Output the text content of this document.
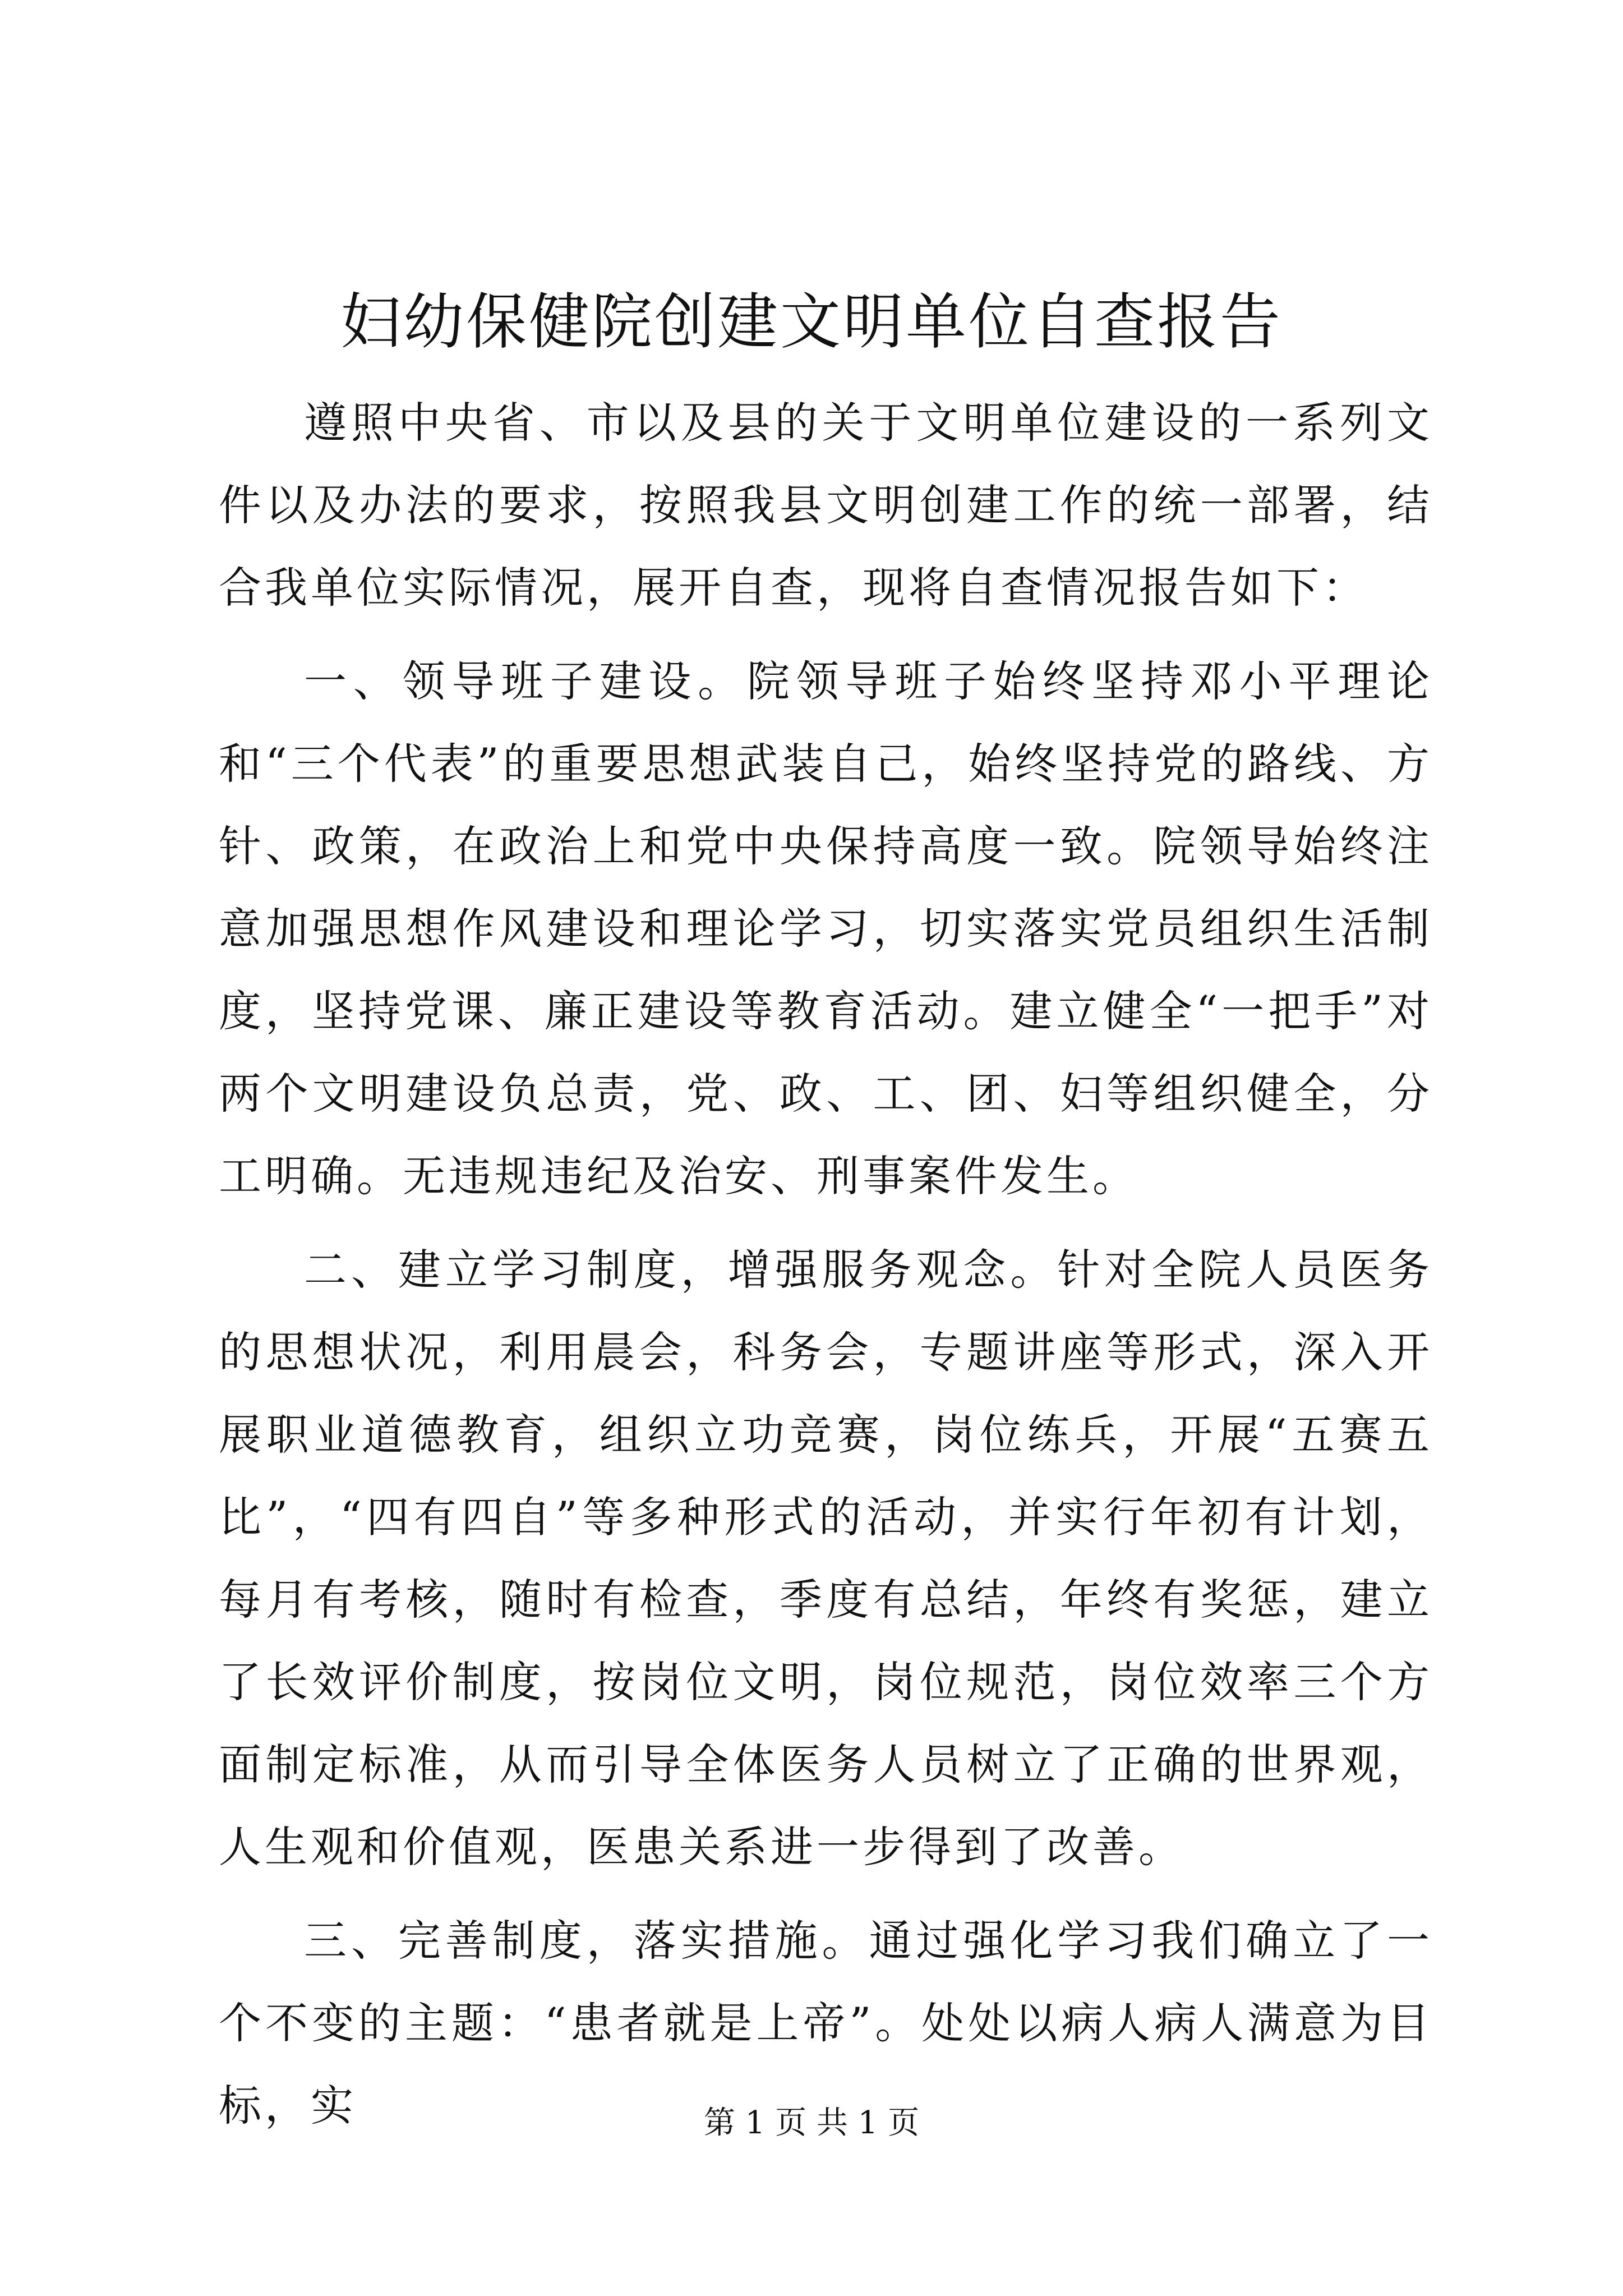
妇幼保健院创建文明单位自查报告

遵照中央省、市以及县的关于文明单位建设的一系列文件以及办法的要求，按照我县文明创建工作的统一部署，结合我单位实际情况，展开自查，现将自查情况报告如下：

一、领导班子建设。院领导班子始终坚持邓小平理论和“三个代表”的重要思想武装自己，始终坚持党的路线、方针、政策，在政治上和党中央保持高度一致。院领导始终注意加强思想作风建设和理论学习，切实落实党员组织生活制度，坚持党课、廉正建设等教育活动。建立健全“一把手”对两个文明建设负总责，党、政、工、团、妇等组织健全，分工明确。无违规违纪及治安、刑事案件发生。

二、建立学习制度，增强服务观念。针对全院人员医务的思想状况，利用晨会，科务会，专题讲座等形式，深入开展职业道德教育，组织立功竞赛，岗位练兵，开展“五赛五比”，“四有四自”等多种形式的活动，并实行年初有计划，每月有考核，随时有检查，季度有总结，年终有奖惩，建立了长效评价制度，按岗位文明，岗位规范，岗位效率三个方面制定标准，从而引导全体医务人员树立了正确的世界观，人生观和价值观，医患关系进一步得到了改善。

三、完善制度，落实措施。通过强化学习我们确立了一个不变的主题：“患者就是上帝”。处处以病人病人满意为目标，实	第 1 页 共 1 页
